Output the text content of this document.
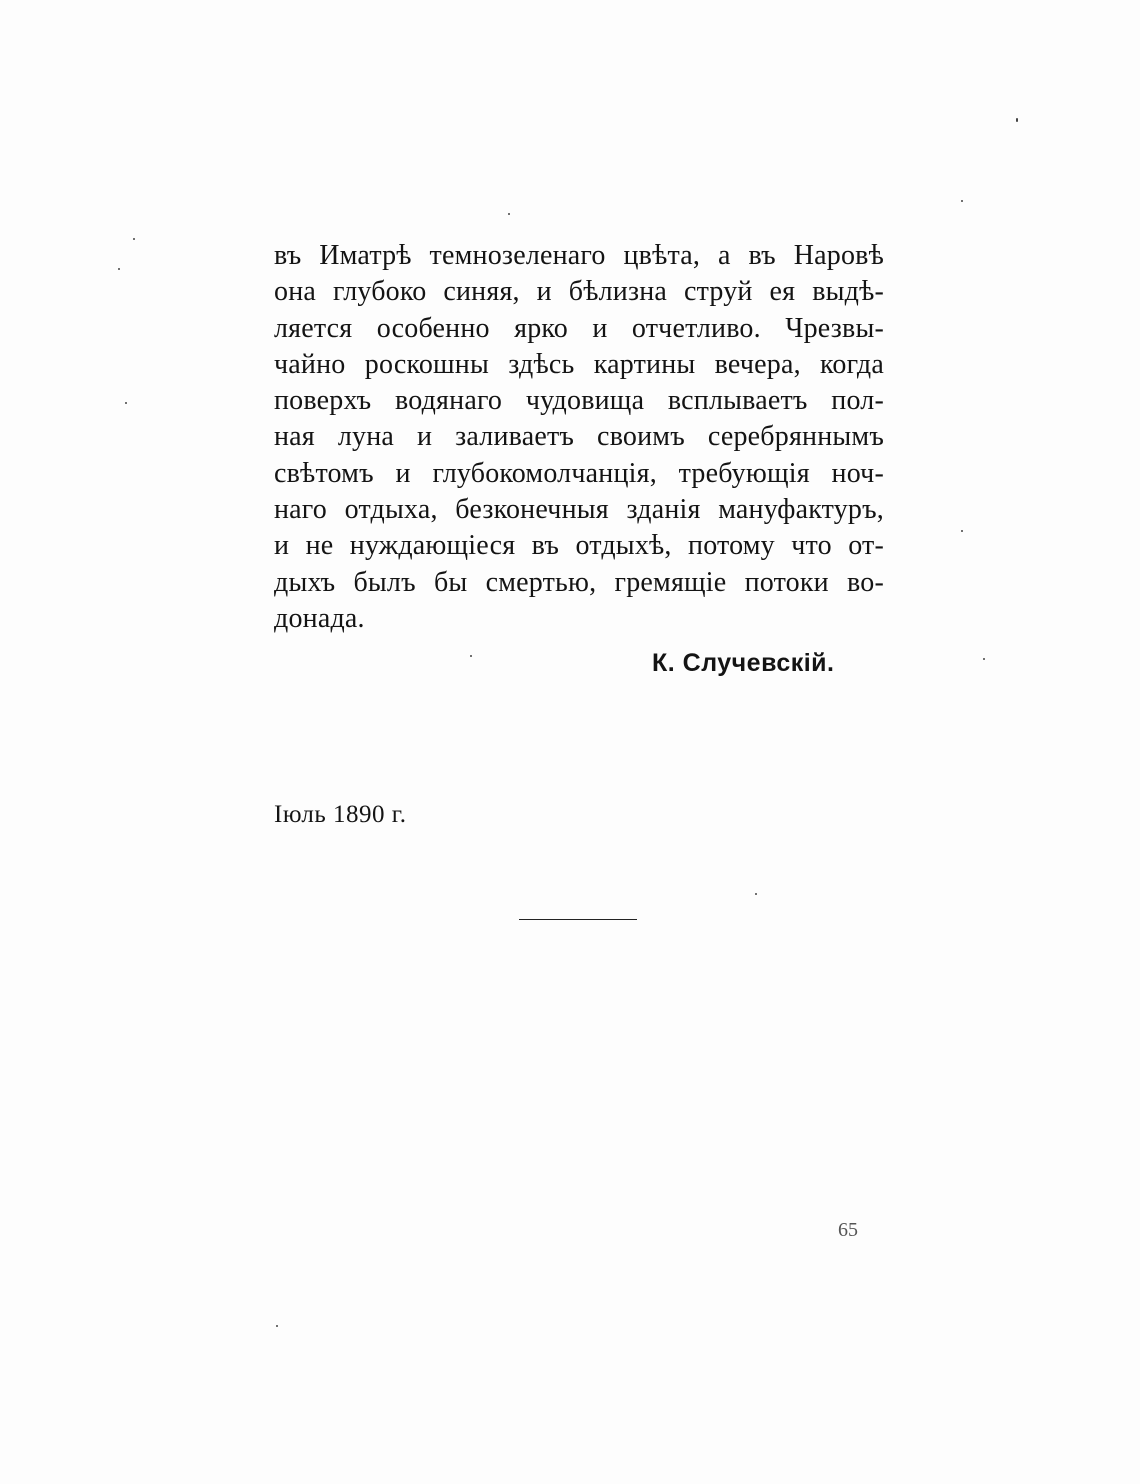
въ Иматрѣ темнозеленаго цвѣта, а въ Наровѣ
она глубоко синяя, и бѣлизна струй ея выдѣ-
ляется особенно ярко и отчетливо. Чрезвы-
чайно роскошны здѣсь картины вечера, когда
поверхъ водянаго чудовища всплываетъ пол-
ная луна и заливаетъ своимъ серебряннымъ
свѣтомъ и глубокомолчанція, требующія ноч-
наго отдыха, безконечныя зданія мануфактуръ,
и не нуждающіеся въ отдыхѣ, потому что от-
дыхъ былъ бы смертью, гремящіе потоки во-
донада.
К. Случевскій.
Іюль 1890 г.
65
